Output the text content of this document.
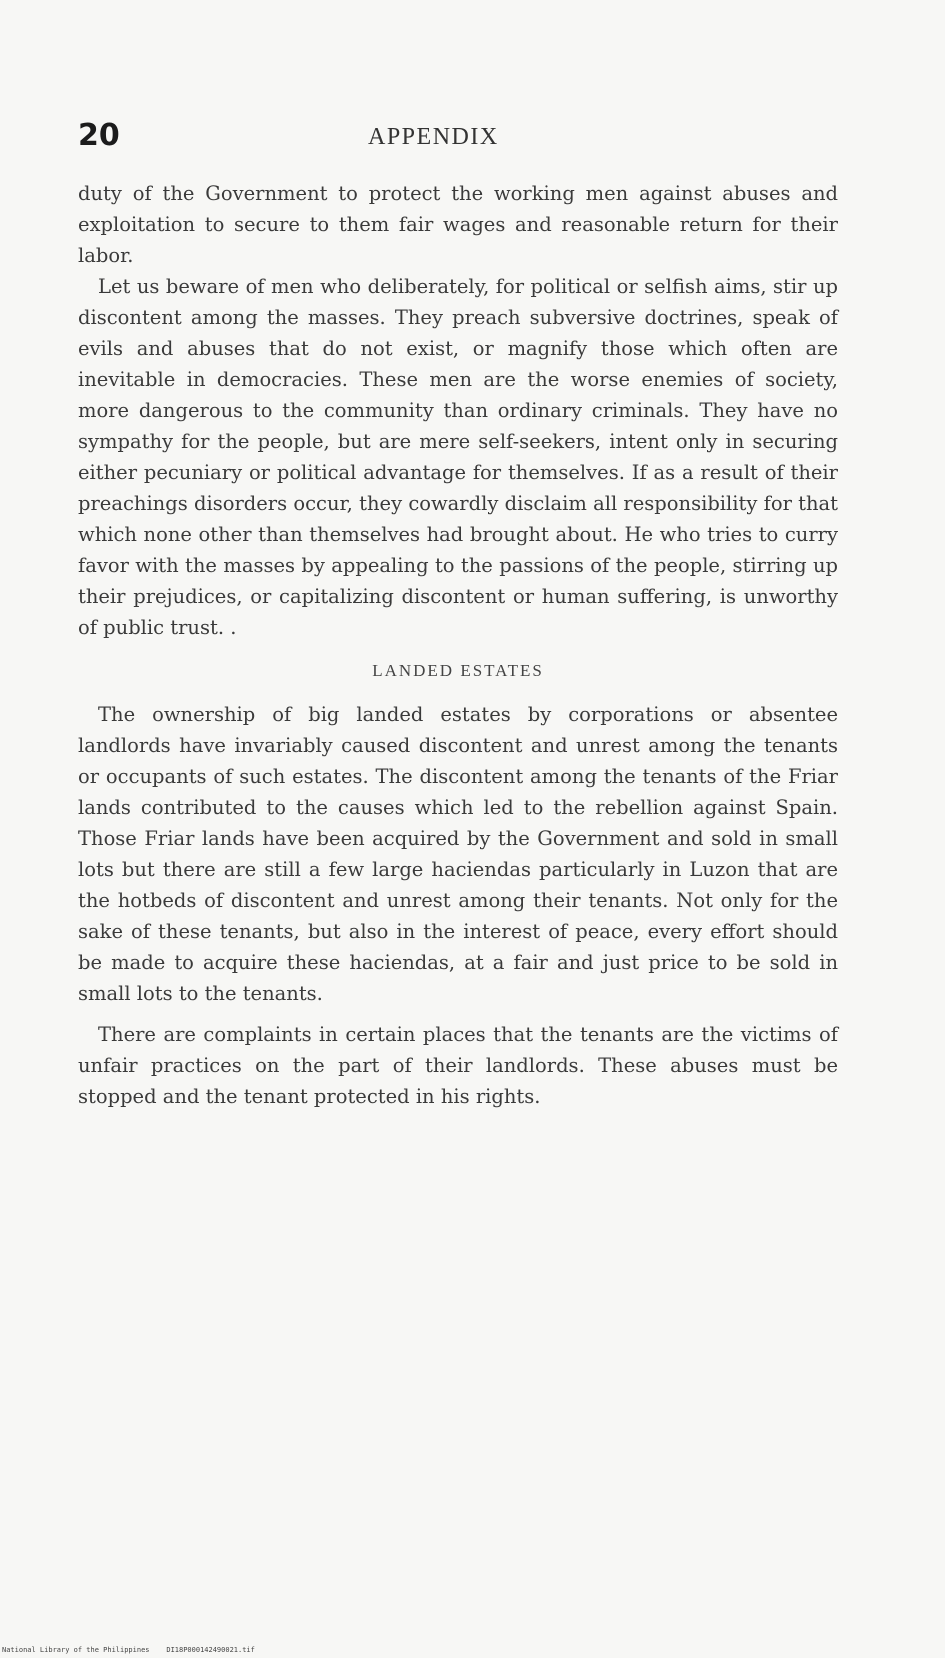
20	APPENDIX

duty of the Government to protect the working men against abuses and exploitation to secure to them fair wages and reasonable return for their labor.

Let us beware of men who deliberately, for political or selfish aims, stir up discontent among the masses. They preach subversive doctrines, speak of evils and abuses that do not exist, or magnify those which often are inevitable in democracies. These men are the worse enemies of society, more dangerous to the community than ordinary criminals. They have no sympathy for the people, but are mere self-seekers, intent only in securing either pecuniary or political advantage for themselves. If as a result of their preachings disorders occur, they cowardly disclaim all responsibility for that which none other than themselves had brought about. He who tries to curry favor with the masses by appealing to the passions of the people, stirring up their prejudices, or capitalizing discontent or human suffering, is unworthy of public trust. .

LANDED ESTATES

The ownership of big landed estates by corporations or absentee landlords have invariably caused discontent and unrest among the tenants or occupants of such estates. The discontent among the tenants of the Friar lands contributed to the causes which led to the rebellion against Spain. Those Friar lands have been acquired by the Government and sold in small lots but there are still a few large haciendas particularly in Luzon that are the hotbeds of discontent and unrest among their tenants. Not only for the sake of these tenants, but also in the interest of peace, every effort should be made to acquire these haciendas, at a fair and just price to be sold in small lots to the tenants.

There are complaints in certain places that the tenants are the victims of unfair practices on the part of their landlords. These abuses must be stopped and the tenant protected in his rights.

National Library of the Philippines    DI18P000142490021.tif
